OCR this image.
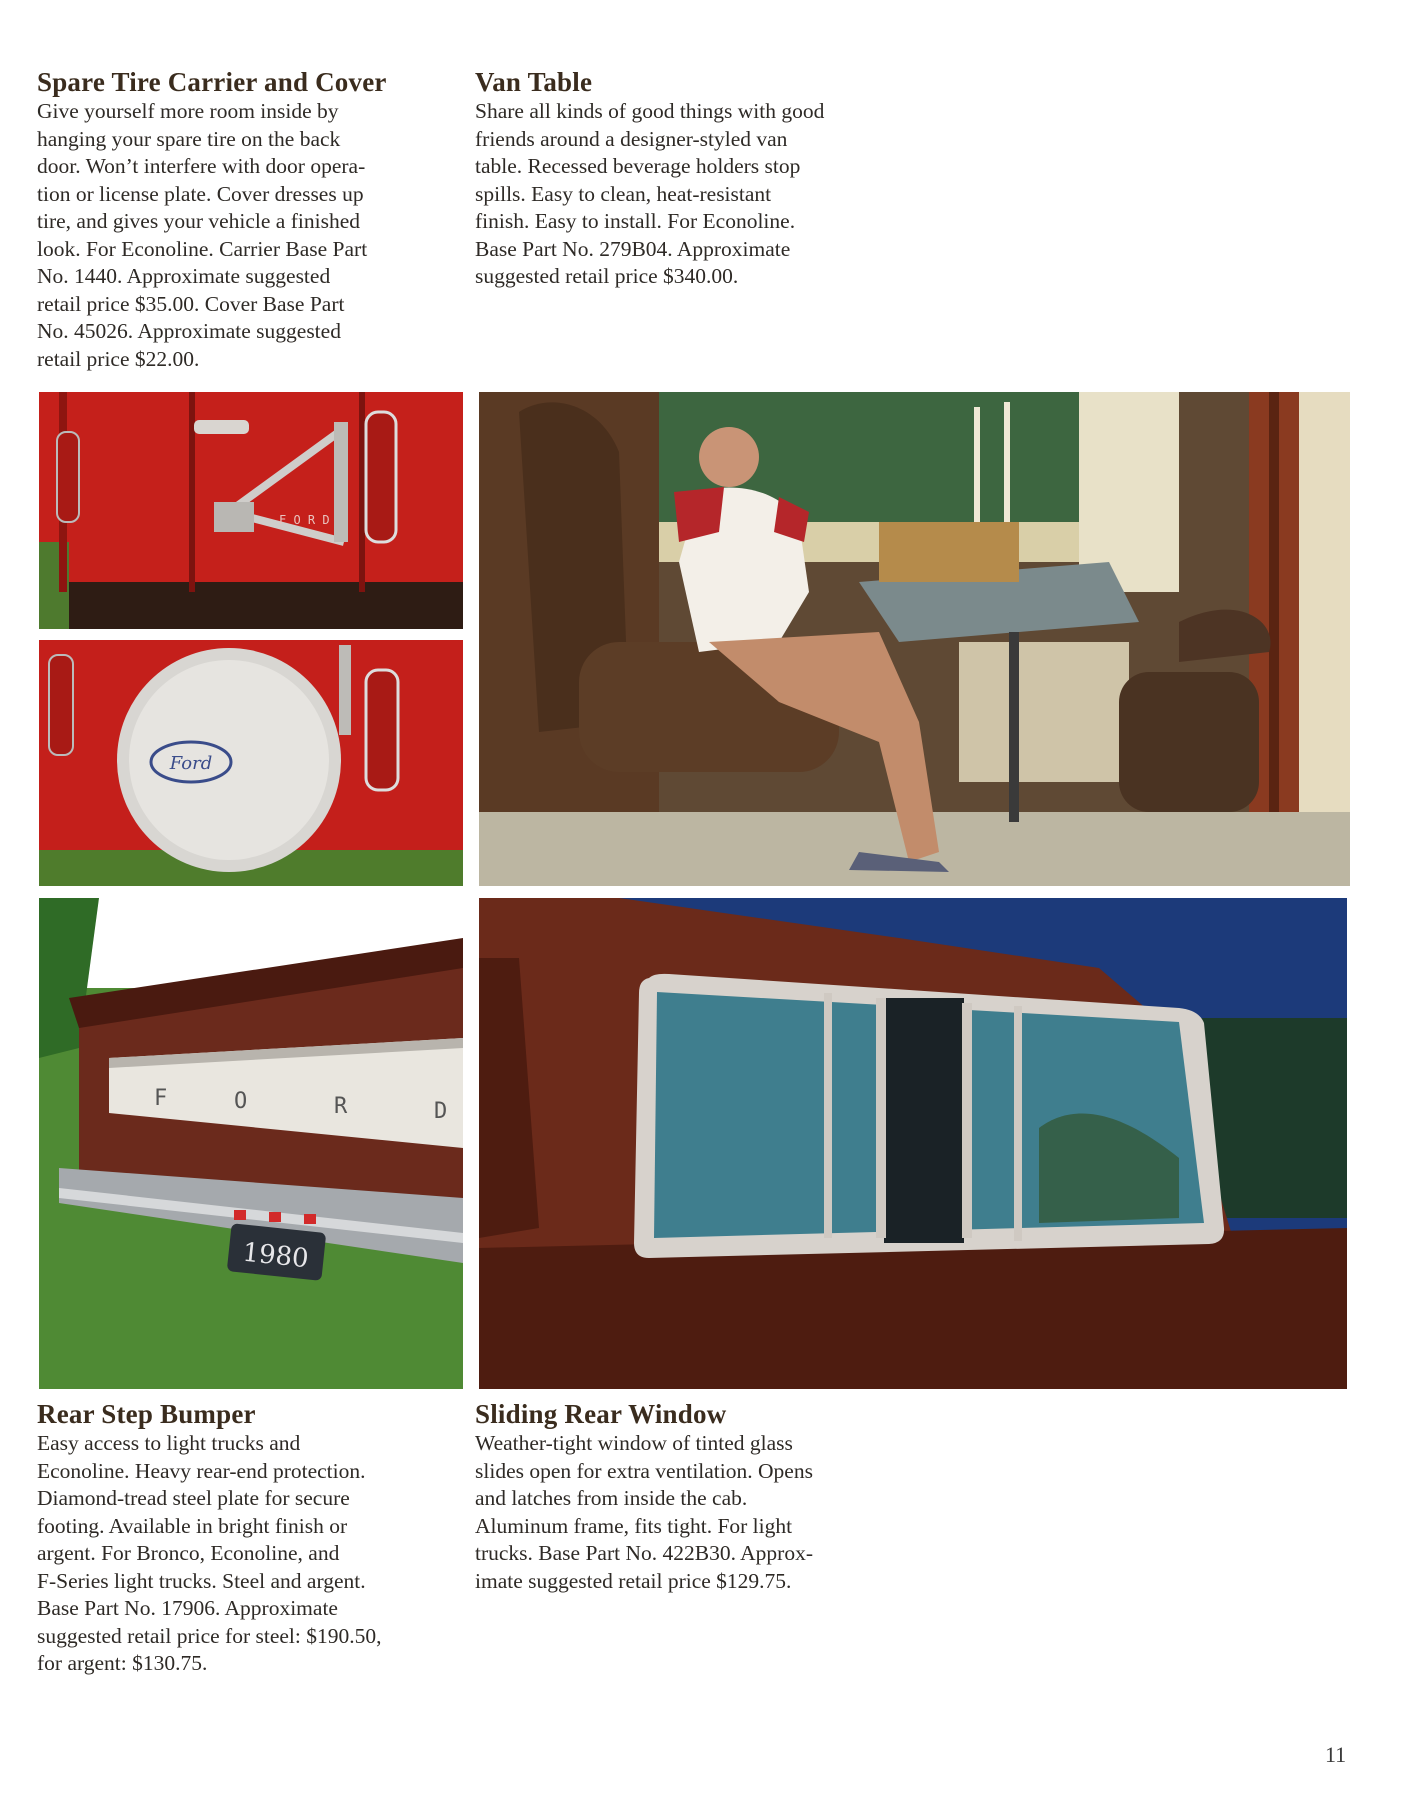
Spare Tire Carrier and Cover

Give yourself more room inside by
hanging your spare tire on the back
door. Won’t interfere with door opera-
tion or license plate. Cover dresses up
tire, and gives your vehicle a finished
look. For Econoline. Carrier Base Part
No. 1440. Approximate suggested
retail price $35.00. Cover Base Part
No. 45026. Approximate suggested
retail price $22.00.

Van Table

Share all kinds of good things with good
friends around a designer-styled van
table. Recessed beverage holders stop
spills. Easy to clean, heat-resistant
finish. Easy to install. For Econoline.
Base Part No. 279B04. Approximate
suggested retail price $340.00.

Rear Step Bumper

Easy access to light trucks and
Econoline. Heavy rear-end protection.
Diamond-tread steel plate for secure
footing. Available in bright finish or
argent. For Bronco, Econoline, and
F-Series light trucks. Steel and argent.
Base Part No. 17906. Approximate
suggested retail price for steel: $190.50,
for argent: $130.75.

Sliding Rear Window

Weather-tight window of tinted glass
slides open for extra ventilation. Opens
and latches from inside the cab.
Aluminum frame, fits tight. For light
trucks. Base Part No. 422B30. Approx-
imate suggested retail price $129.75.

F O R D
Ford
1980
F	O	R	D
11
